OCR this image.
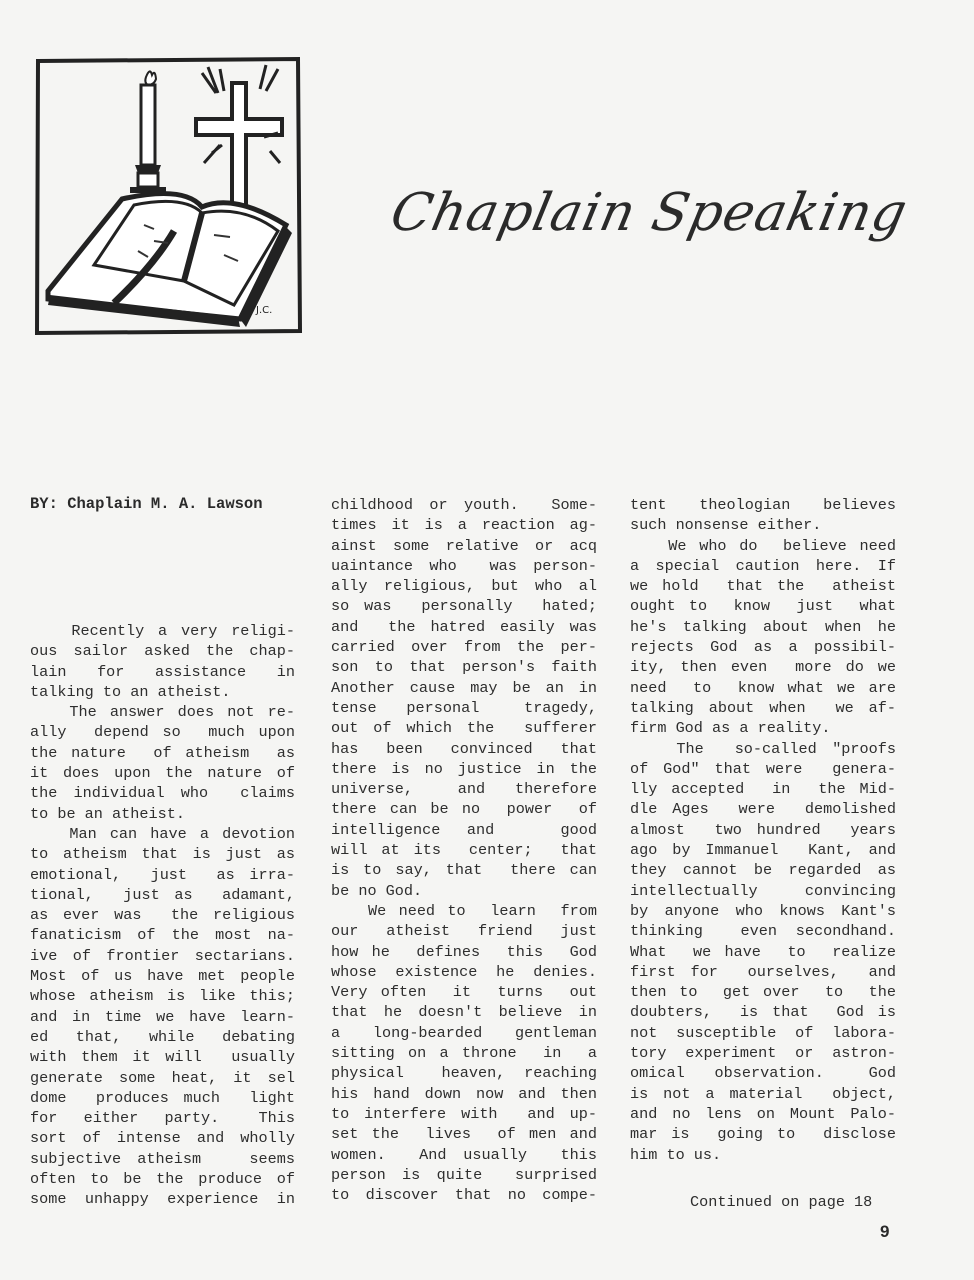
J.C.
Chaplain Speaking
BY: Chaplain M. A. Lawson
Recently a very religi-
ous sailor asked the chap-
lain  for  assistance  in
talking to an atheist.
The answer does not re-
ally  depend so  much upon
the nature  of atheism  as
it does upon the nature of
the individual who  claims
to be an atheist.
Man can have a devotion
to atheism that is just as
emotional,  just  as irra-
tional,  just as  adamant,
as ever was  the religious
fanaticism of the most na-
ive of frontier sectarians.
Most of us have met people
whose atheism is like this;
and in time we have learn-
ed  that,  while  debating
with them it will  usually
generate some heat, it sel
dome  produces much  light
for  either  party.   This
sort of intense and wholly
subjective atheism   seems
often to be the produce of
some unhappy experience in
childhood or youth.  Some-
times it is a reaction ag-
ainst some relative or acq
uaintance who  was person-
ally religious, but who al
so was  personally  hated;
and  the hatred easily was
carried over from the per-
son to that person's faith
Another cause may be an in
tense  personal   tragedy,
out of which the  sufferer
has  been  convinced  that
there is no justice in the
universe,   and  therefore
there can be no  power  of
intelligence  and     good
will at its  center;  that
is to say, that  there can
be no God.
We need to  learn  from
our  atheist  friend  just
how he  defines  this  God
whose existence he denies.
Very often  it  turns  out
that he doesn't believe in
a  long-bearded  gentleman
sitting on a throne  in  a
physical  heaven, reaching
his hand down now and then
to interfere with  and up-
set the  lives  of men and
women.  And usually  this
person is quite  surprised
to discover that no compe-
tent  theologian  believes
such nonsense either.
We who do  believe need
a special caution here. If
we hold  that the  atheist
ought to  know  just  what
he's talking about when he
rejects God as a possibil-
ity, then even  more do we
need  to  know what we are
talking about when  we af-
firm God as a reality.
The  so-called "proofs
of God" that were  genera-
lly accepted  in  the Mid-
dle Ages  were  demolished
almost  two hundred  years
ago by Immanuel  Kant, and
they cannot be regarded as
intellectually  convincing
by anyone who knows Kant's
thinking  even secondhand.
What  we have  to  realize
first for  ourselves,  and
then to  get over  to  the
doubters,  is that  God is
not susceptible of labora-
tory experiment or astron-
omical  observation.   God
is not a material  object,
and no lens on Mount Palo-
mar is  going to  disclose
him to us.
Continued on page 18
9
